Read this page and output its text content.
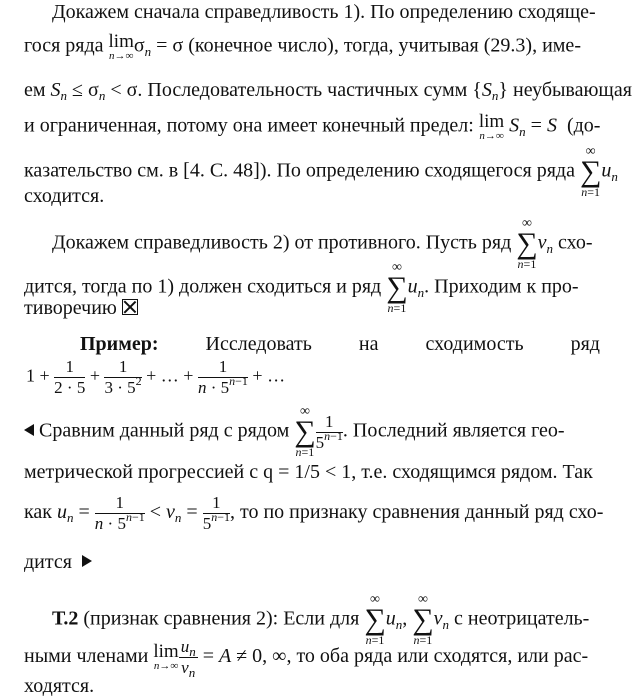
Докажем сначала справедливость 1). По определению сходяще-
гося ряда lim
n→∞ $\sigma_n = \sigma$ (конечное число), тогда, учитывая (29.3), име-
ем $S_n \le \sigma_n < \sigma$. Последовательность частичных сумм $\{S_n\}$ неубывающая
и ограниченная, потому она имеет конечный предел: lim
n→∞ $S_n = S$ (до-
казательство см. в [4. С. 48]). По определению сходящегося ряда
∞
∑
n=1
$u_n$
сходится.
Докажем справедливость 2) от противного. Пусть ряд
∞
∑
n=1
$v_n$ схо-
дится, тогда по 1) должен сходиться и ряд
∞
∑
n=1
$u_n$. Приходим к про-
тиворечию
Пример: Исследовать на сходимость ряд
$1 + \frac{1}{2 \cdot 5} + \frac{1}{3 \cdot 5^2}$ + … + $\frac{1}{n \cdot 5^{n-1}}$ + …
Сравним данный ряд с рядом
∞
∑
n=1
$\frac{1}{5^{n-1}}$ . Последний является гео-
метрической прогрессией с q = 1/5 < 1, т.е. сходящимся рядом. Так
как $u_n = \frac{1}{n \cdot 5^{n-1}} < v_n = \frac{1}{5^{n-1}}$ , то по признаку сравнения данный ряд схо-
дится
Т.2 (признак сравнения 2): Если для
∞
∑
n=1
$u_n$,
∞
∑
n=1
$v_n$ с неотрицатель-
ными членами lim
$n\to\infty \frac{u_n}{v_n} = A \ne 0$, ∞, то оба ряда или сходятся, или рас-
ходятся.
